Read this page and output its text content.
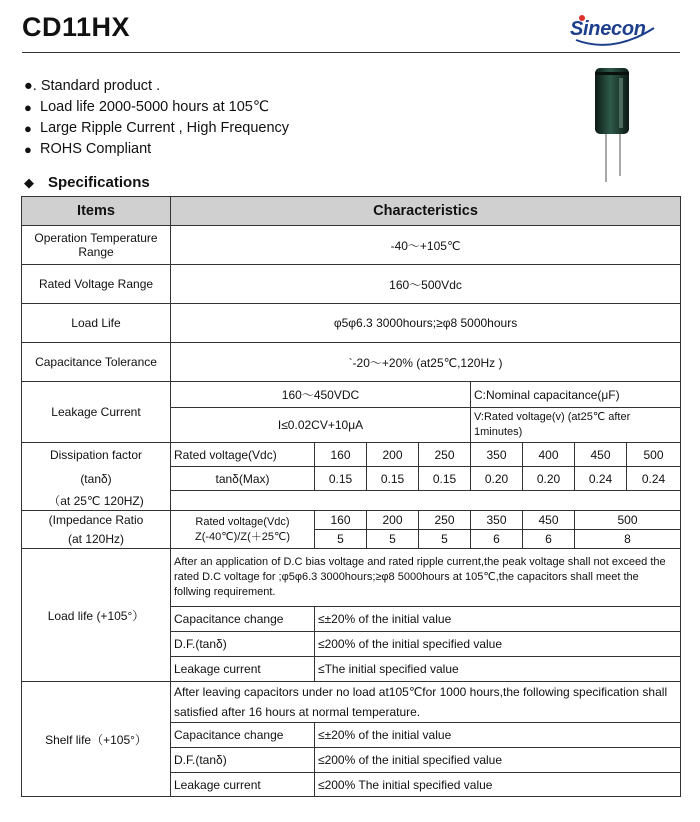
CD11HX	Sinecon
●. Standard product .
● Load life 2000-5000 hours at 105℃
● Large Ripple Current , High Frequency
● ROHS Compliant
◆ Specifications
Items	Characteristics							
Operation Temperature Range	-40～+105℃							
Rated Voltage Range	160～500Vdc							
Load Life	φ5φ6.3 3000hours;≥φ8 5000hours							
Capacitance Tolerance	`-20～+20% (at25℃,120Hz )							
Leakage Current	160～450VDC				C:Nominal capacitance(μF)			
	I≤0.02CV+10μA				V:Rated voltage(v) (at25℃ after 1minutes)			
Dissipation factor	Rated voltage(Vdc)	160	200	250	350	400	450	500
(tanδ)	tanδ(Max)	0.15	0.15	0.15	0.20	0.20	0.24	0.24
（at 25℃ 120HZ)								
(Impedance Ratio	Rated voltage(Vdc) Z(-40℃)/Z(＋25℃)	160	200	250	350	450	500	
(at 120Hz)		5	5	5	6	6	8	
Load life (+105°）	After an application of D.C bias voltage and rated ripple current,the peak voltage shall not exceed the rated D.C voltage for ;φ5φ6.3 3000hours;≥φ8 5000hours at 105℃,the capacitors shall meet the follwing requirement.							
	Capacitance change	≤±20% of the initial value						
	D.F.(tanδ)	≤200% of the initial specified value						
	Leakage current	≤The initial specified value						
Shelf life（+105°）	After leaving capacitors under no load at105℃for 1000 hours,the following specification shall
satisfied after 16 hours at normal temperature.							

	Capacitance change	≤±20% of the initial value						
	D.F.(tanδ)	≤200% of the initial specified value						
	Leakage current	≤200% The initial specified value						
